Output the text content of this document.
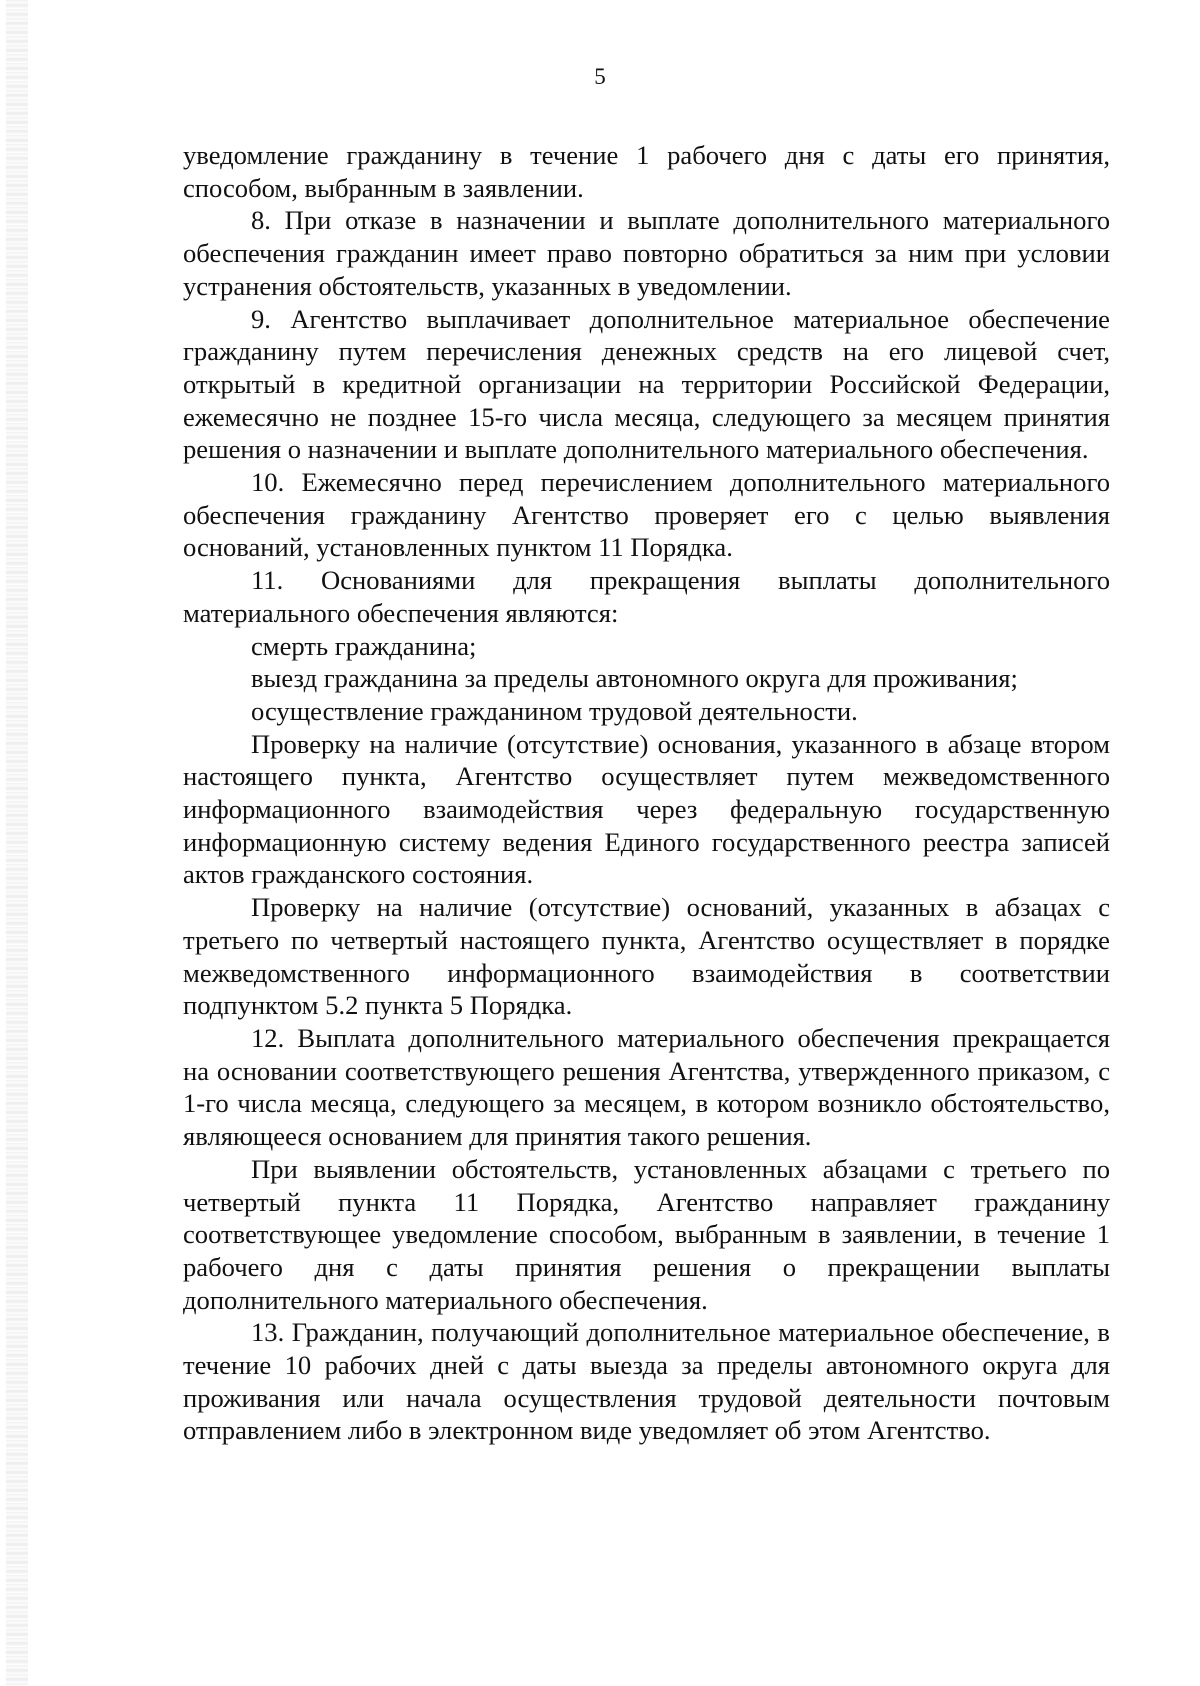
5

уведомление гражданину в течение 1 рабочего дня с даты его принятия, способом, выбранным в заявлении.

8. При отказе в назначении и выплате дополнительного материального обеспечения гражданин имеет право повторно обратиться за ним при условии устранения обстоятельств, указанных в уведомлении.

9. Агентство выплачивает дополнительное материальное обеспечение гражданину путем перечисления денежных средств на его лицевой счет, открытый в кредитной организации на территории Российской Федерации, ежемесячно не позднее 15-го числа месяца, следующего за месяцем принятия решения о назначении и выплате дополнительного материального обеспечения.

10. Ежемесячно перед перечислением дополнительного материального обеспечения гражданину Агентство проверяет его с целью выявления оснований, установленных пунктом 11 Порядка.

11. Основаниями для прекращения выплаты дополнительного материального обеспечения являются:

смерть гражданина;

выезд гражданина за пределы автономного округа для проживания;

осуществление гражданином трудовой деятельности.

Проверку на наличие (отсутствие) основания, указанного в абзаце втором настоящего пункта, Агентство осуществляет путем межведомственного информационного взаимодействия через федеральную государственную информационную систему ведения Единого государственного реестра записей актов гражданского состояния.

Проверку на наличие (отсутствие) оснований, указанных в абзацах с третьего по четвертый настоящего пункта, Агентство осуществляет в порядке межведомственного информационного взаимодействия в соответствии подпунктом 5.2 пункта 5 Порядка.

12. Выплата дополнительного материального обеспечения прекращается на основании соответствующего решения Агентства, утвержденного приказом, с 1-го числа месяца, следующего за месяцем, в котором возникло обстоятельство, являющееся основанием для принятия такого решения.

При выявлении обстоятельств, установленных абзацами с третьего по четвертый пункта 11 Порядка, Агентство направляет гражданину соответствующее уведомление способом, выбранным в заявлении, в течение 1 рабочего дня с даты принятия решения о прекращении выплаты дополнительного материального обеспечения.

13. Гражданин, получающий дополнительное материальное обеспечение, в течение 10 рабочих дней с даты выезда за пределы автономного округа для проживания или начала осуществления трудовой деятельности почтовым отправлением либо в электронном виде уведомляет об этом Агентство.
